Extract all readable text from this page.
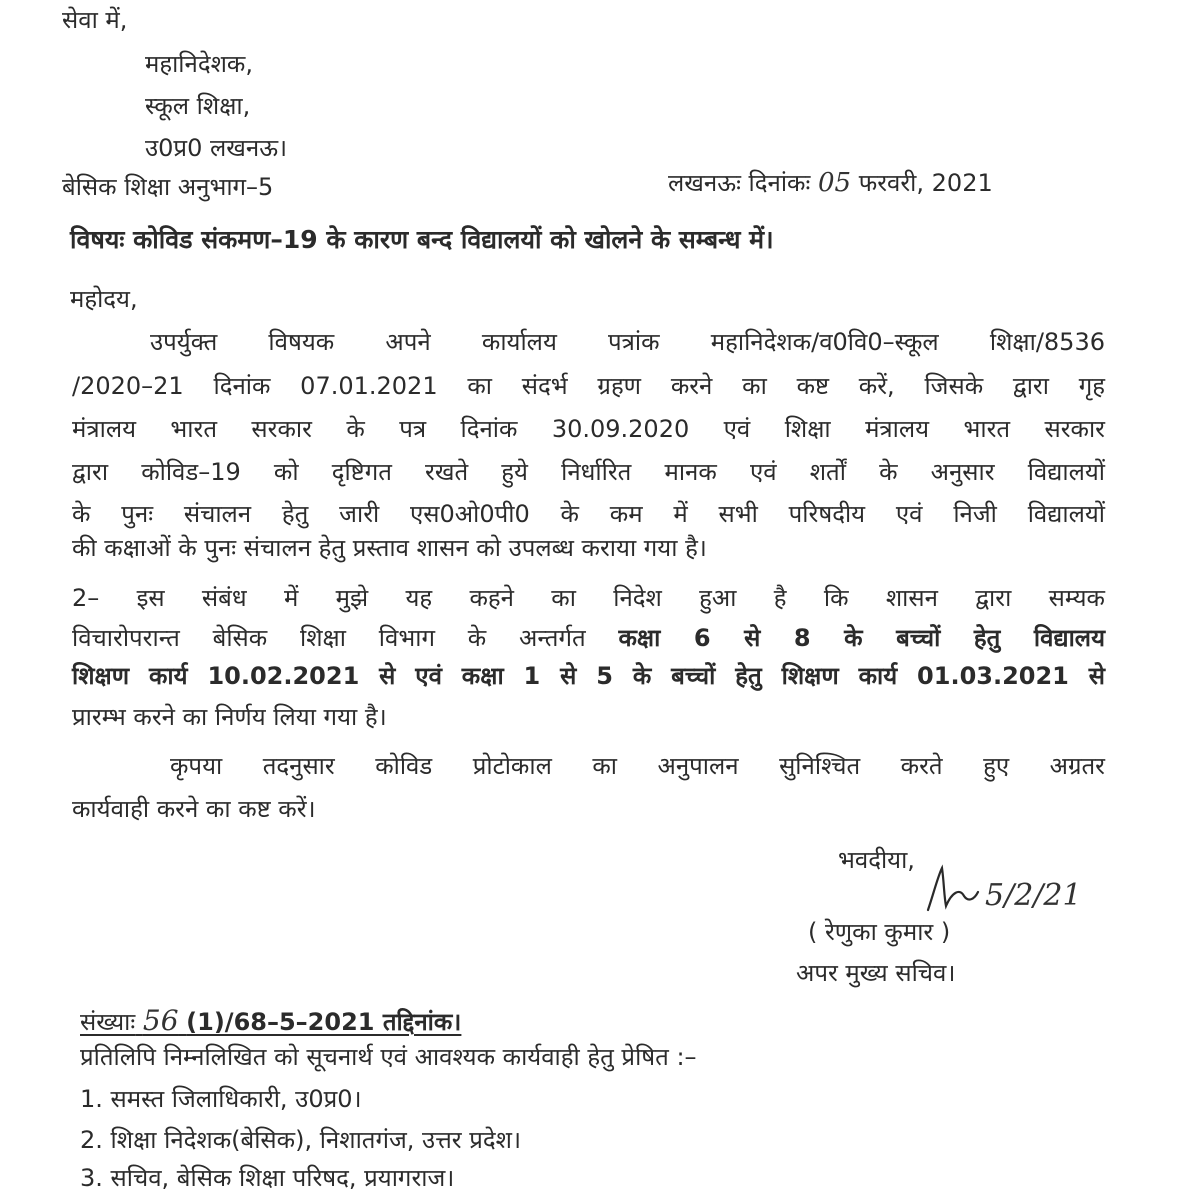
सेवा में,
महानिदेशक,
स्कूल शिक्षा,
उ0प्र0 लखनऊ।
बेसिक शिक्षा अनुभाग–5	लखनऊः दिनांकः 05 फरवरी, 2021
विषयः कोविड संकमण–19 के कारण बन्द विद्यालयों को खोलने के सम्बन्ध में।
महोदय,
उपर्युक्त विषयक अपने कार्यालय पत्रांक महानिदेशक/व0वि0–स्कूल शिक्षा/8536
/2020–21 दिनांक 07.01.2021 का संदर्भ ग्रहण करने का कष्ट करें, जिसके द्वारा गृह
मंत्रालय भारत सरकार के पत्र दिनांक 30.09.2020 एवं शिक्षा मंत्रालय भारत सरकार
द्वारा कोविड–19 को दृष्टिगत रखते हुये निर्धारित मानक एवं शर्तों के अनुसार विद्यालयों
के पुनः संचालन हेतु जारी एस0ओ0पी0 के कम में सभी परिषदीय एवं निजी विद्यालयों
की कक्षाओं के पुनः संचालन हेतु प्रस्ताव शासन को उपलब्ध कराया गया है।
2– इस संबंध में मुझे यह कहने का निदेश हुआ है कि शासन द्वारा सम्यक
विचारोपरान्त बेसिक शिक्षा विभाग के अन्तर्गत कक्षा 6 से 8 के बच्चों हेतु विद्यालय
शिक्षण कार्य 10.02.2021 से एवं कक्षा 1 से 5 के बच्चों हेतु शिक्षण कार्य 01.03.2021 से
प्रारम्भ करने का निर्णय लिया गया है।
कृपया तदनुसार कोविड प्रोटोकाल का अनुपालन सुनिश्चित करते हुए अग्रतर
कार्यवाही करने का कष्ट करें।
भवदीया,
5/2/21
( रेणुका कुमार )
अपर मुख्य सचिव।
संख्याः 56 (1)/68–5–2021 तद्दिनांक।
प्रतिलिपि निम्नलिखित को सूचनार्थ एवं आवश्यक कार्यवाही हेतु प्रेषित :–
1. समस्त जिलाधिकारी, उ0प्र0।
2. शिक्षा निदेशक(बेसिक), निशातगंज, उत्तर प्रदेश।
3. सचिव, बेसिक शिक्षा परिषद, प्रयागराज।
